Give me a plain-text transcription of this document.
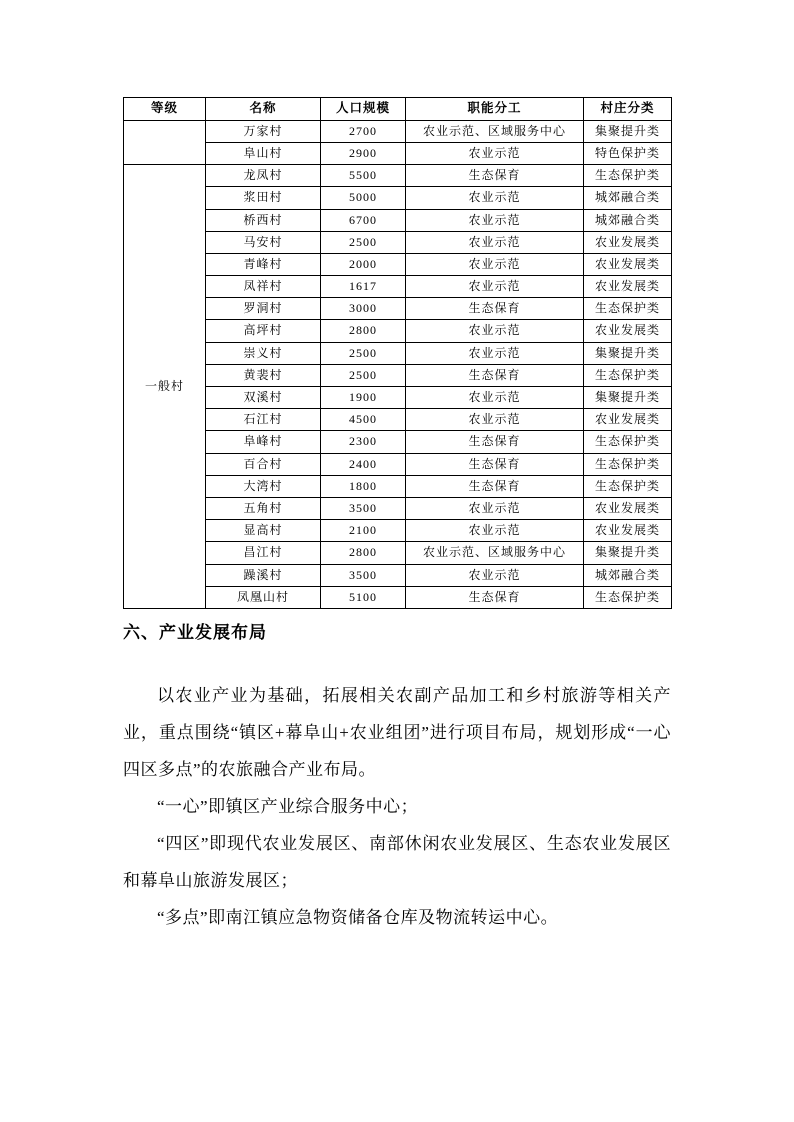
等级	名称	人口规模	职能分工	村庄分类
	万家村	2700	农业示范、区域服务中心	集聚提升类
	阜山村	2900	农业示范	特色保护类
一般村	龙凤村	5500	生态保育	生态保护类
	浆田村	5000	农业示范	城郊融合类
	桥西村	6700	农业示范	城郊融合类
	马安村	2500	农业示范	农业发展类
	青峰村	2000	农业示范	农业发展类
	凤祥村	1617	农业示范	农业发展类
	罗洞村	3000	生态保育	生态保护类
	高坪村	2800	农业示范	农业发展类
	崇义村	2500	农业示范	集聚提升类
	黄裴村	2500	生态保育	生态保护类
	双溪村	1900	农业示范	集聚提升类
	石江村	4500	农业示范	农业发展类
	阜峰村	2300	生态保育	生态保护类
	百合村	2400	生态保育	生态保护类
	大湾村	1800	生态保育	生态保护类
	五角村	3500	农业示范	农业发展类
	显高村	2100	农业示范	农业发展类
	昌江村	2800	农业示范、区域服务中心	集聚提升类
	躁溪村	3500	农业示范	城郊融合类
	凤凰山村	5100	生态保育	生态保护类
六、产业发展布局

以农业产业为基础，拓展相关农副产品加工和乡村旅游等相关产业，重点围绕“镇区+幕阜山+农业组团”进行项目布局，规划形成“一心四区多点”的农旅融合产业布局。

“一心”即镇区产业综合服务中心；

“四区”即现代农业发展区、南部休闲农业发展区、生态农业发展区和幕阜山旅游发展区；

“多点”即南江镇应急物资储备仓库及物流转运中心。
